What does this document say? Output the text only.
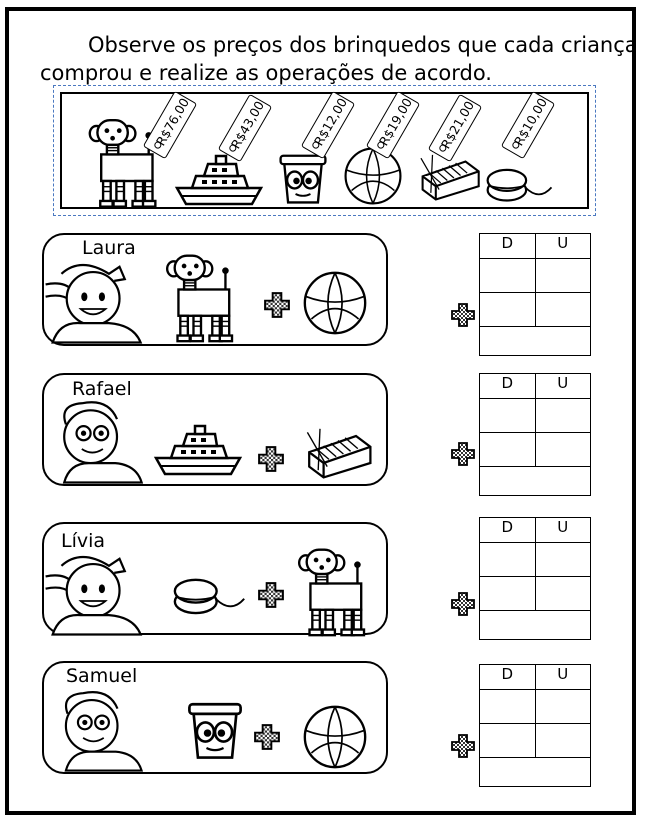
Observe os preços dos brinquedos que cada criança
comprou e realize as operações de acordo.
R$76,00	R$43,00	R$12,00 R$19,00 R$21,00	R$10,00
Laura	D	U
Rafael	D	U
Lívia
D	U
Samuel	D	U
